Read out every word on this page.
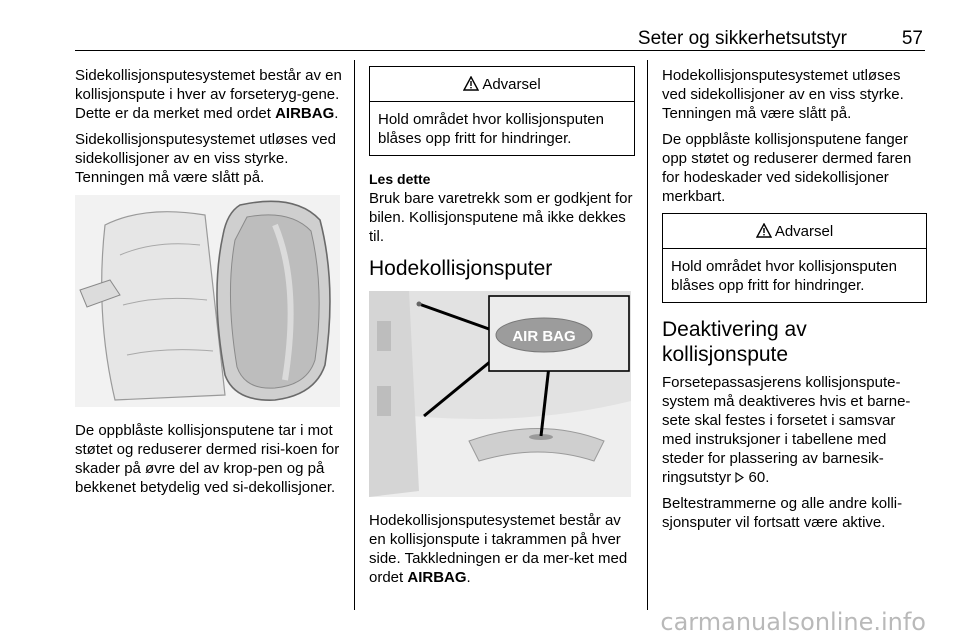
Seter og sikkerhetsutstyr	57

Sidekollisjonsputesystemet består av en kollisjonspute i hver av forseteryg-gene. Dette er da merket med ordet AIRBAG.

Sidekollisjonsputesystemet utløses ved sidekollisjoner av en viss styrke. Tenningen må være slått på.

De oppblåste kollisjonsputene tar i mot støtet og reduserer dermed risi-koen for skader på øvre del av krop-pen og på bekkenet betydelig ved si-dekollisjoner.

Advarsel
Hold området hvor kollisjonsputen blåses opp fritt for hindringer.

Les dette

Bruk bare varetrekk som er godkjent for bilen. Kollisjonsputene må ikke dekkes til.

Hodekollisjonsputer
AIR BAG

Hodekollisjonsputesystemet består av en kollisjonspute i takrammen på hver side. Takkledningen er da mer-ket med ordet AIRBAG.

Hodekollisjonsputesystemet utløses ved sidekollisjoner av en viss styrke. Tenningen må være slått på.

De oppblåste kollisjonsputene fanger opp støtet og reduserer dermed faren for hodeskader ved sidekollisjoner merkbart.

Advarsel
Hold området hvor kollisjonsputen blåses opp fritt for hindringer.
Deaktivering av kollisjonspute

Forsetepassasjerens kollisjonspute-system må deaktiveres hvis et barne-sete skal festes i forsetet i samsvar med instruksjoner i tabellene med steder for plassering av barnesik-ringsutstyr  60.

Beltestrammerne og alle andre kolli-sjonsputer vil fortsatt være aktive.

carmanualsonline.info
